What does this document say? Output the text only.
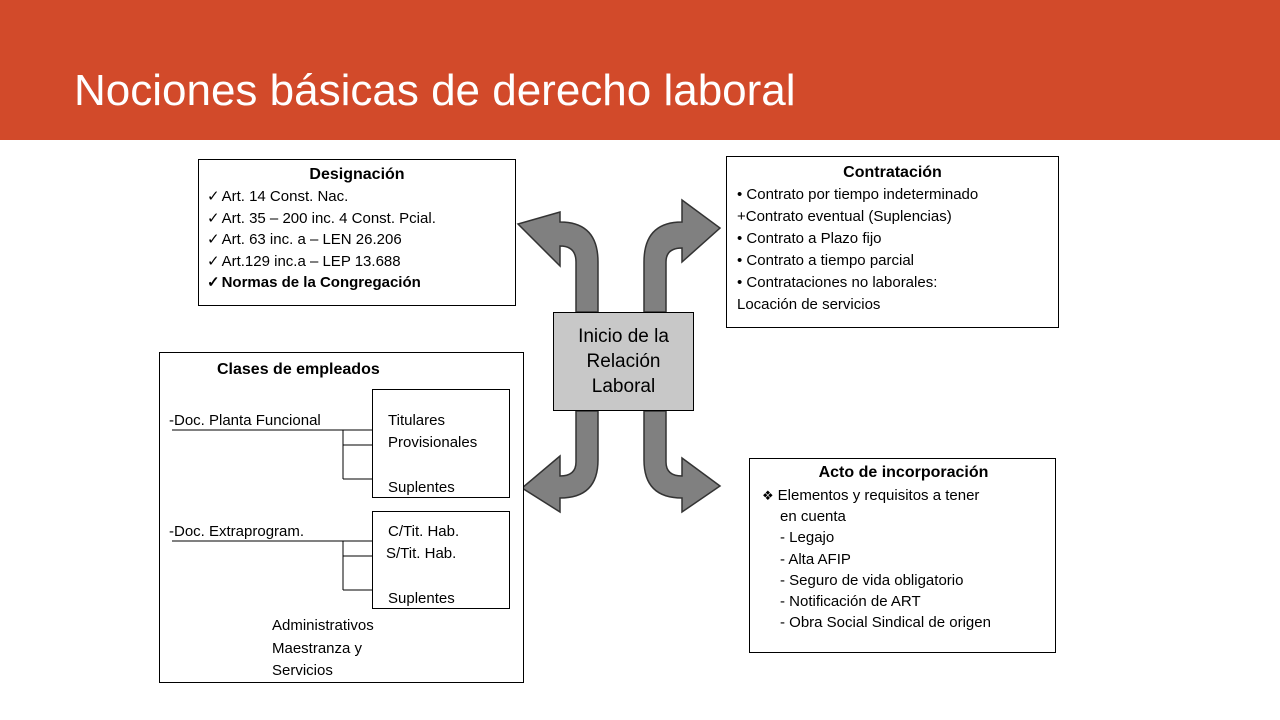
Nociones básicas de derecho laboral
Designación
✓ Art. 14 Const. Nac.
✓ Art. 35 – 200 inc. 4 Const. Pcial.
✓ Art. 63 inc. a – LEN 26.206
✓ Art.129 inc.a – LEP 13.688
✓ Normas de la Congregación
Contratación
• Contrato por tiempo indeterminado
+Contrato eventual (Suplencias)
• Contrato a Plazo fijo
• Contrato a tiempo parcial
• Contrataciones no laborales:
Locación de servicios
Inicio de la
Relación
Laboral
Clases de empleados
-Doc. Planta Funcional	Titulares
Provisionales
Suplentes
-Doc. Extraprogram.	C/Tit. Hab.
S/Tit. Hab.
Suplentes
Administrativos
Maestranza y
Servicios
Acto de incorporación
❖ Elementos y requisitos a tener
en cuenta
- Legajo
- Alta AFIP
- Seguro de vida obligatorio
- Notificación de ART
- Obra Social Sindical de origen
